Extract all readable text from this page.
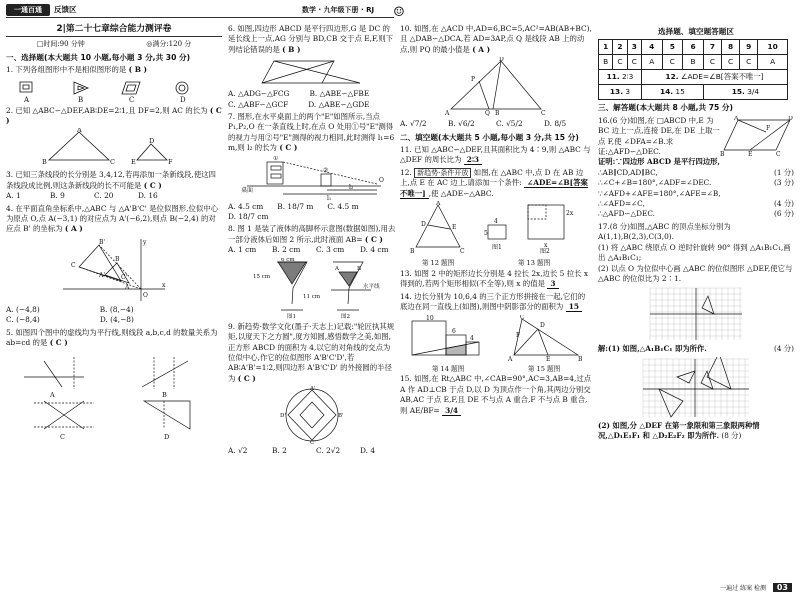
一通百通	反馈区	数学 · 九年级下册 · RJ ☺
2|第二十七章综合能力测评卷
□时间:90 分钟	◎满分:120 分
一、选择题(本大题共 10 小题,每小题 3 分,共 30 分)
1. 下列各组图形中不是相似图形的是 ( B )
A	B	C	D
2. 已知 △ABC∽△DEF,AB∶DE=2∶1,且 DF=2,则 AC 的长为 ( C )
A
B	C
D
E	F
3. 已知三条线段的长分别是 3,4,12,若再添加一条新线段,使这四条线段成比例,则这条新线段的长不可能是 ( C )
A. 1	B. 9	C. 20	D. 16
4. 在平面直角坐标系中,△ABC 与 △A'B'C' 是位似图形,位似中心为原点 O,点 A(−3,1) 的对应点为 A'(−6,2),则点 B(−2,4) 的对应点 B' 的坐标为 ( A )
C
B'
B
A'
A
O
x
y
C'
A. (−4,8)	B. (8,−4)
C. (−8,4)	D. (4,−8)
5. 如图四个图中的虚线均为平行线,则线段 a,b,c,d 的数量关系为 ab=cd 的是 ( C )
A	B
C	D
6. 如图,四边形 ABCD 是平行四边形,G 是 DC 的延长线上一点,AG 分别与 BD,CB 交于点 E,F,则下列结论错误的是 ( B )
A. △ADG∽△FCG	B. △ABE∽△FBE
C. △ABF∽△GCF	D. △ABE∽△GDE
7. 图形,在水平桌面上的两个"E"如图所示,当点 P₁,P₂,O 在一条直线上时,在点 O 处用①号"E"测得的视力与用②号"E"测得的视力相同,此时测得 l₁=6 m,则 l₂ 的长为 ( C )
桌面
①
②
O
l₁
l₂
A. 4.5 cm B. 18/7 m C. 4.5 m
D. 18/7 cm
8. 图 1 是装了液体的高脚杯示意图(数据如图),用去一部分液体后如图 2 所示,此时液面 AB= ( C )
A. 1 cm B. 2 cm C. 3 cm D. 4 cm
6 cm
15 cm
11 cm
A	B
水平线
图1	图2
9. 新趋势·数学文化(墨子·天志上)记载:"轮匠执其规矩,以度天下之方圆",度方知圆,感悟数学之美,如图,正方形 ABCD 的面积为 4,以它的对角线的交点为位似中心,作它的位似图形 A'B'C'D',若 AB∶A'B'=1∶2,则四边形 A'B'C'D' 的外接圆的半径为 ( C )
A'
B'
C'
D'
A. √2	B. 2	C. 2√2	D. 4
10. 如图,在 △ACD 中,AD=6,BC=5,AC²=AB(AB+BC),且 △DAB∽△DCA,若 AD=3AP,点 Q 是线段 AB 上的动点,则 PQ 的最小值是 ( A )
D
P
A	Q B	C
A. √7/2	B. √6/2	C. √5/2	D. 8/5
二、填空题(本大题共 5 小题,每小题 3 分,共 15 分)
11. 已知 △ABC∽△DEF,且其面积比为 4∶9,则 △ABC 与 △DEF 的周长比为 2∶3
12. 新趋势·条件开放 如图,在 △ABC 中,点 D 在 AB 边上,点 E 在 AC 边上,请添加一个条件: ∠ADE=∠B[答案不唯一] ,使 △ADE∽△ABC.
A
D	E
B	C
第 12 题图
4
5
2x
x
图1
图2
第 13 题图
13. 如图 2 中的矩形边长分别是 4 拉长 2x,边长 5 拉长 x 得到的,若两个矩形相似(不全等),则 x 的值是 3
14. 边长分别为 10,6,4 的三个正方形拼接在一起,它们的底边在同一直线上(如图),则图中阴影部分的面积为 15
10
6
4
第 14 题图
C
D
F
A	E	B
第 15 题图
15. 如图,在 Rt△ABC 中,∠CAB=90°,AC=3,AB=4,过点 A 作 AD⊥CB 于点 D,以 D 为顶点作一个角,其两边分别交 AB,AC 于点 E,F,且 DE 不与点 A 重合,F 不与点 B 重合,则 AE/BF= 3/4
选择题、填空题答题区
1	2	3	4	5	6	7	8	9	10
B	C	C	A	C	B	C	C	C	A
11. 2∶3			12. ∠ADE=∠B[答案不唯一]						
13. 3			14. 15			15. 3/4			
三、解答题(本大题共 8 小题,共 75 分)
16.(6 分)如图,在 □ABCD 中,E 为 BC 边上一点,连接 DE,在 DE 上取一点 F,使 ∠DFA=∠B.求证:△AFD∽△DEC.
A	D
F
B	E	C
证明:∵四边形 ABCD 是平行四边形,
∴AB∥CD,AD∥BC,	(1 分)
∴∠C+∠B=180°,∠ADF=∠DEC.	(3 分)
∵∠AFD+∠AFE=180°,∠AFE=∠B,
∴∠AFD=∠C,	(4 分)
∴△AFD∽△DEC.	(6 分)
17.(8 分)如图,△ABC 的顶点坐标分别为 A(1,1),B(2,3),C(3,0).
(1) 将 △ABC 绕原点 O 逆时针旋转 90° 得到 △A₁B₁C₁,画出 △A₁B₁C₁;
(2) 以点 O 为位似中心画 △ABC 的位似图形 △DEF,使它与 △ABC 的位似比为 2∶1.
解:(1) 如图,△A₁B₁C₁ 即为所作.	(4 分)
(2) 如图,分 △DEF 在第一象限和第三象限两种情况,△D₁E₁F₁ 和 △D₂E₂F₂ 即为所作. (8 分)
03
一遍过 练案 检测
